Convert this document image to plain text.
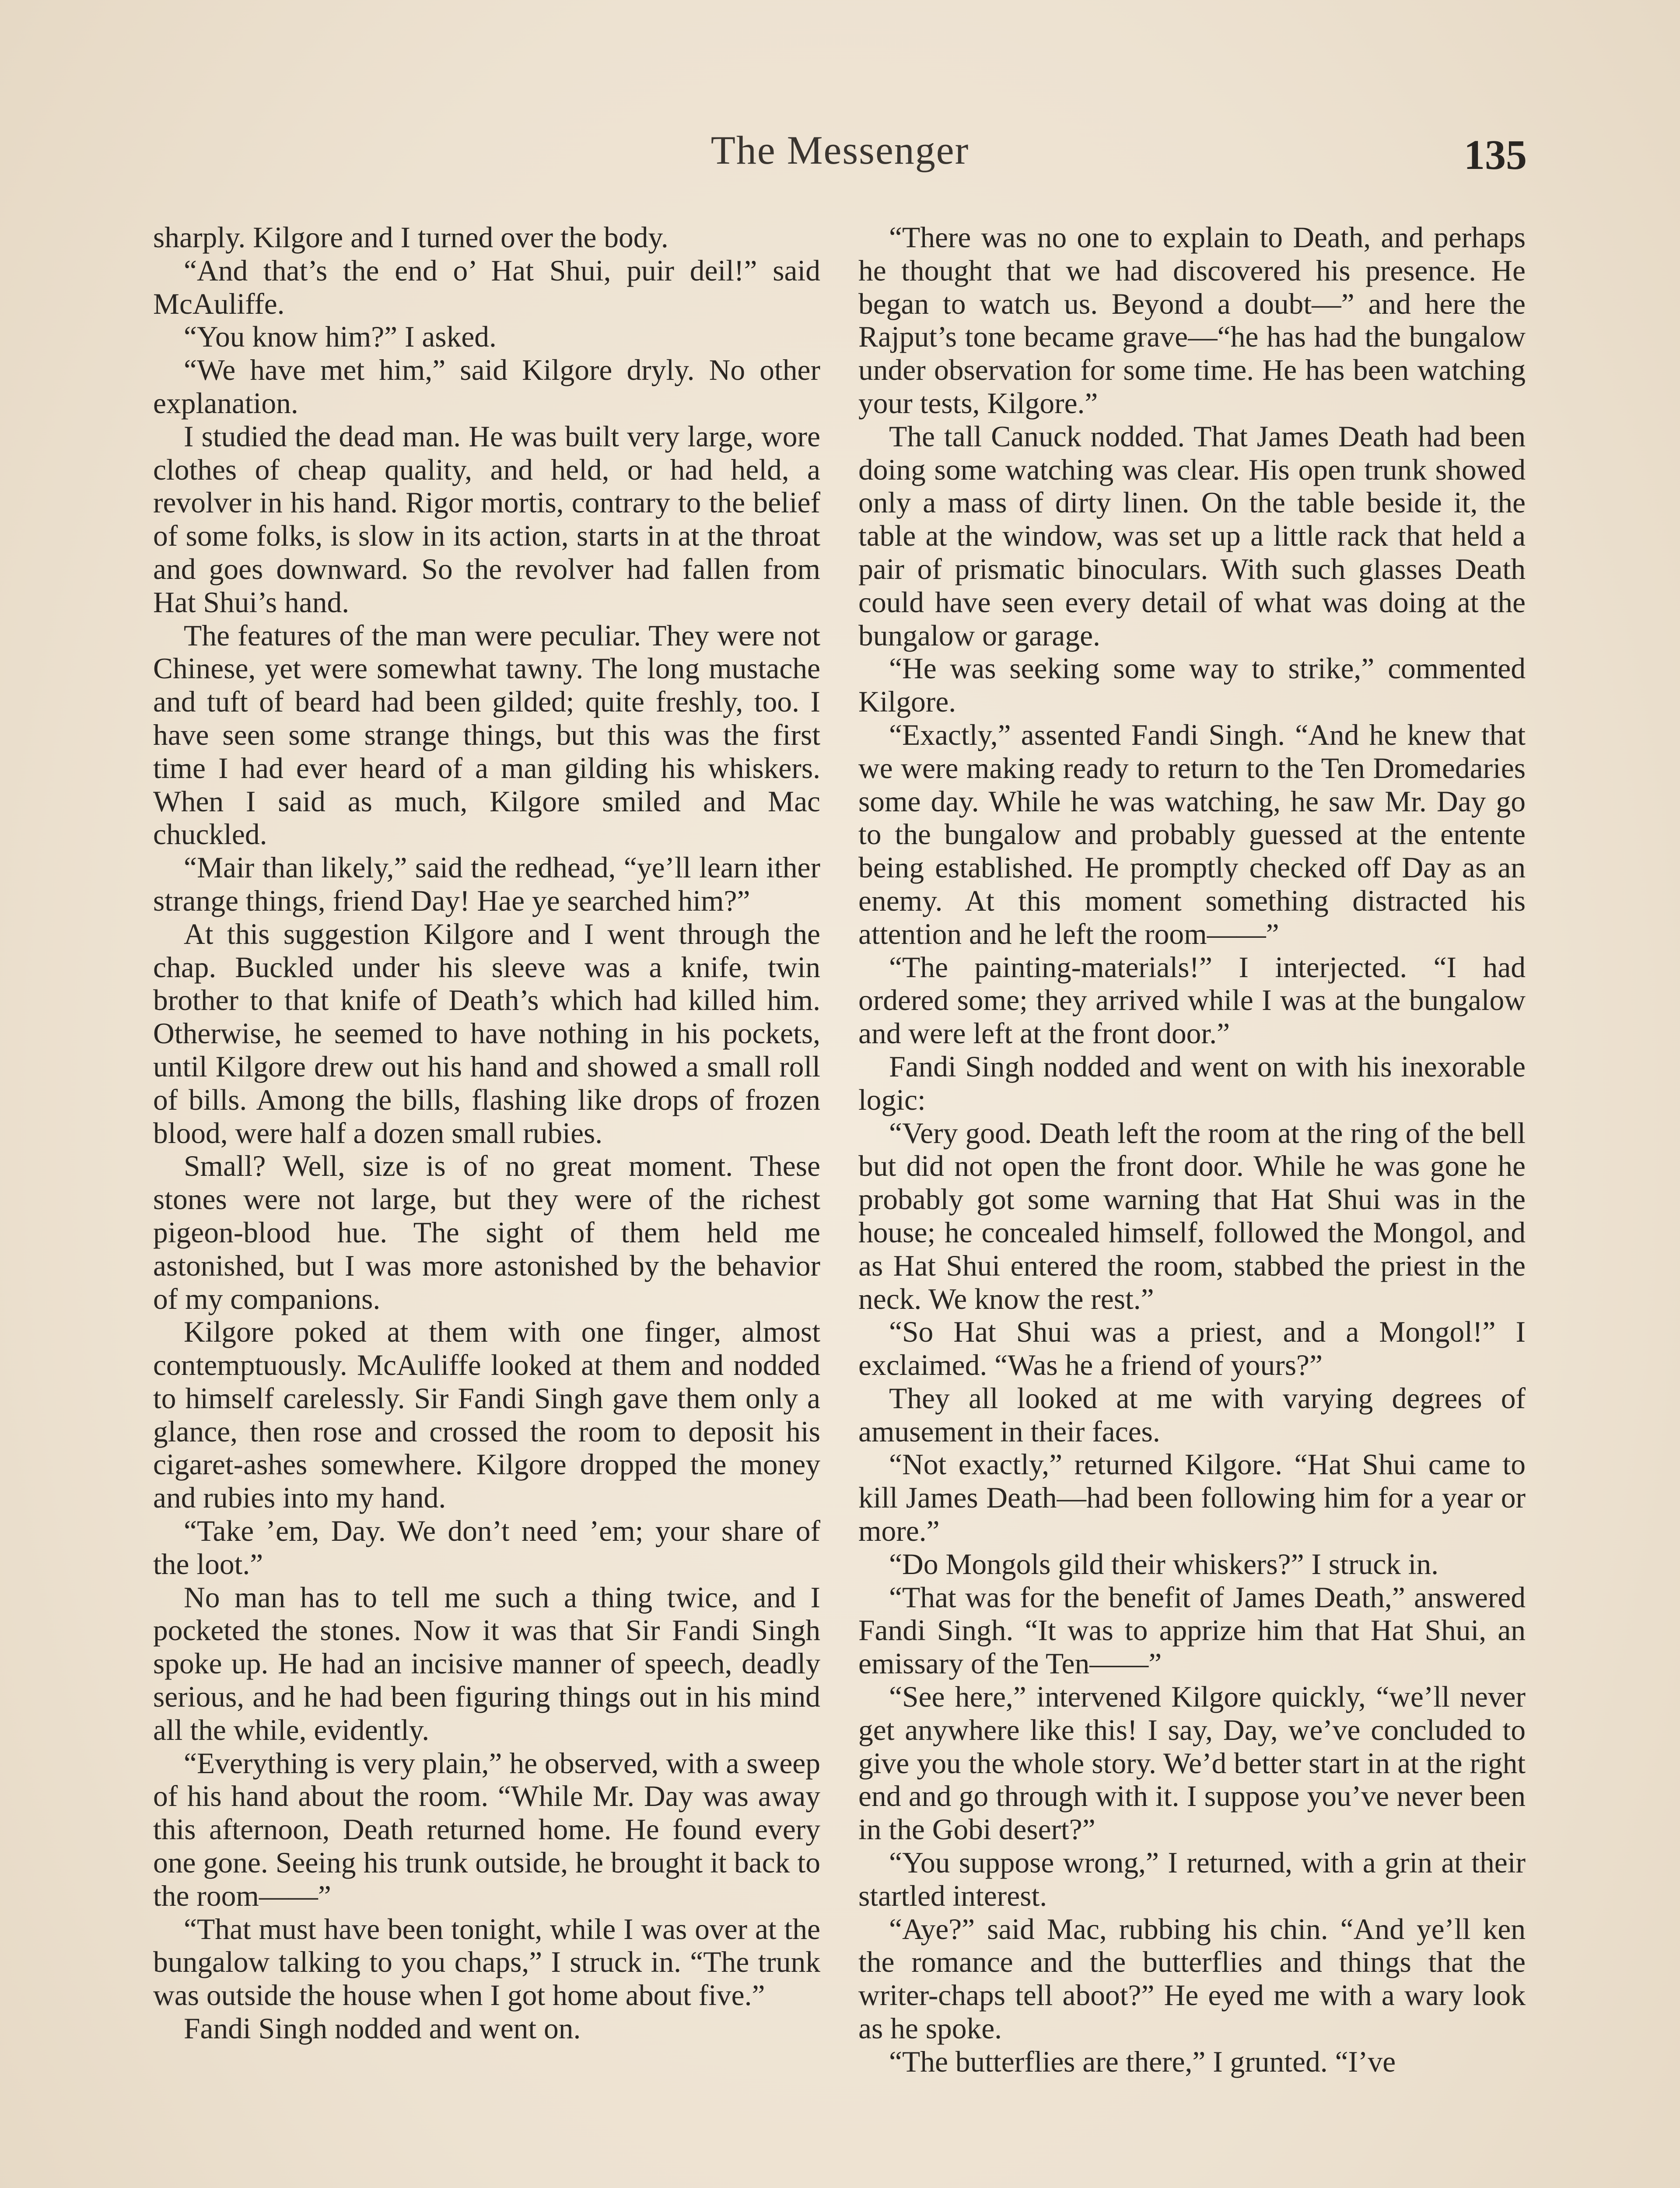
The Messenger	135

sharply. Kilgore and I turned over the body.

“And that’s the end o’ Hat Shui, puir deil!” said McAuliffe.

“You know him?” I asked.

“We have met him,” said Kilgore dryly. No other explanation.

I studied the dead man. He was built very large, wore clothes of cheap quality, and held, or had held, a revolver in his hand. Rigor mortis, contrary to the belief of some folks, is slow in its action, starts in at the throat and goes downward. So the revolver had fallen from Hat Shui’s hand.

The features of the man were peculiar. They were not Chinese, yet were somewhat tawny. The long mustache and tuft of beard had been gilded; quite freshly, too. I have seen some strange things, but this was the first time I had ever heard of a man gilding his whiskers. When I said as much, Kilgore smiled and Mac chuckled.

“Mair than likely,” said the redhead, “ye’ll learn ither strange things, friend Day! Hae ye searched him?”

At this suggestion Kilgore and I went through the chap. Buckled under his sleeve was a knife, twin brother to that knife of Death’s which had killed him. Otherwise, he seemed to have nothing in his pockets, until Kilgore drew out his hand and showed a small roll of bills. Among the bills, flashing like drops of frozen blood, were half a dozen small rubies.

Small? Well, size is of no great moment. These stones were not large, but they were of the richest pigeon-blood hue. The sight of them held me astonished, but I was more astonished by the behavior of my companions.

Kilgore poked at them with one finger, almost contemptuously. McAuliffe looked at them and nodded to himself carelessly. Sir Fandi Singh gave them only a glance, then rose and crossed the room to deposit his cigaret-ashes somewhere. Kilgore dropped the money and rubies into my hand.

“Take ’em, Day. We don’t need ’em; your share of the loot.”

No man has to tell me such a thing twice, and I pocketed the stones. Now it was that Sir Fandi Singh spoke up. He had an incisive manner of speech, deadly serious, and he had been figuring things out in his mind all the while, evidently.

“Everything is very plain,” he observed, with a sweep of his hand about the room. “While Mr. Day was away this afternoon, Death returned home. He found every one gone. Seeing his trunk outside, he brought it back to the room——”

“That must have been tonight, while I was over at the bungalow talking to you chaps,” I struck in. “The trunk was outside the house when I got home about five.”

Fandi Singh nodded and went on.

“There was no one to explain to Death, and perhaps he thought that we had discovered his presence. He began to watch us. Beyond a doubt—” and here the Rajput’s tone became grave—“he has had the bungalow under observation for some time. He has been watching your tests, Kilgore.”

The tall Canuck nodded. That James Death had been doing some watching was clear. His open trunk showed only a mass of dirty linen. On the table beside it, the table at the window, was set up a little rack that held a pair of prismatic binoculars. With such glasses Death could have seen every detail of what was doing at the bungalow or garage.

“He was seeking some way to strike,” commented Kilgore.

“Exactly,” assented Fandi Singh. “And he knew that we were making ready to return to the Ten Dromedaries some day. While he was watching, he saw Mr. Day go to the bungalow and probably guessed at the entente being established. He promptly checked off Day as an enemy. At this moment something distracted his attention and he left the room——”

“The painting-materials!” I interjected. “I had ordered some; they arrived while I was at the bungalow and were left at the front door.”

Fandi Singh nodded and went on with his inexorable logic:

“Very good. Death left the room at the ring of the bell but did not open the front door. While he was gone he probably got some warning that Hat Shui was in the house; he concealed himself, followed the Mongol, and as Hat Shui entered the room, stabbed the priest in the neck. We know the rest.”

“So Hat Shui was a priest, and a Mongol!” I exclaimed. “Was he a friend of yours?”

They all looked at me with varying degrees of amusement in their faces.

“Not exactly,” returned Kilgore. “Hat Shui came to kill James Death—had been following him for a year or more.”

“Do Mongols gild their whiskers?” I struck in.

“That was for the benefit of James Death,” answered Fandi Singh. “It was to apprize him that Hat Shui, an emissary of the Ten——”

“See here,” intervened Kilgore quickly, “we’ll never get anywhere like this! I say, Day, we’ve concluded to give you the whole story. We’d better start in at the right end and go through with it. I suppose you’ve never been in the Gobi desert?”

“You suppose wrong,” I returned, with a grin at their startled interest.

“Aye?” said Mac, rubbing his chin. “And ye’ll ken the romance and the butterflies and things that the writer-chaps tell aboot?” He eyed me with a wary look as he spoke.

“The butterflies are there,” I grunted. “I’ve
